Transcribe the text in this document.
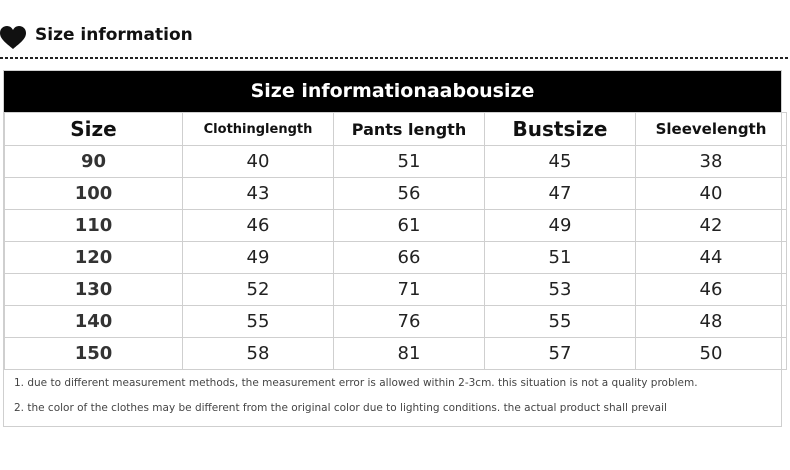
Size information
Size informationaabousize
Size	Clothinglength	Pants length	Bustsize	Sleevelength
90	40	51	45	38
100	43	56	47	40
110	46	61	49	42
120	49	66	51	44
130	52	71	53	46
140	55	76	55	48
150	58	81	57	50
1. due to different measurement methods, the measurement error is allowed within 2-3cm. this situation is not a quality problem.
2. the color of the clothes may be different from the original color due to lighting conditions. the actual product shall prevail
